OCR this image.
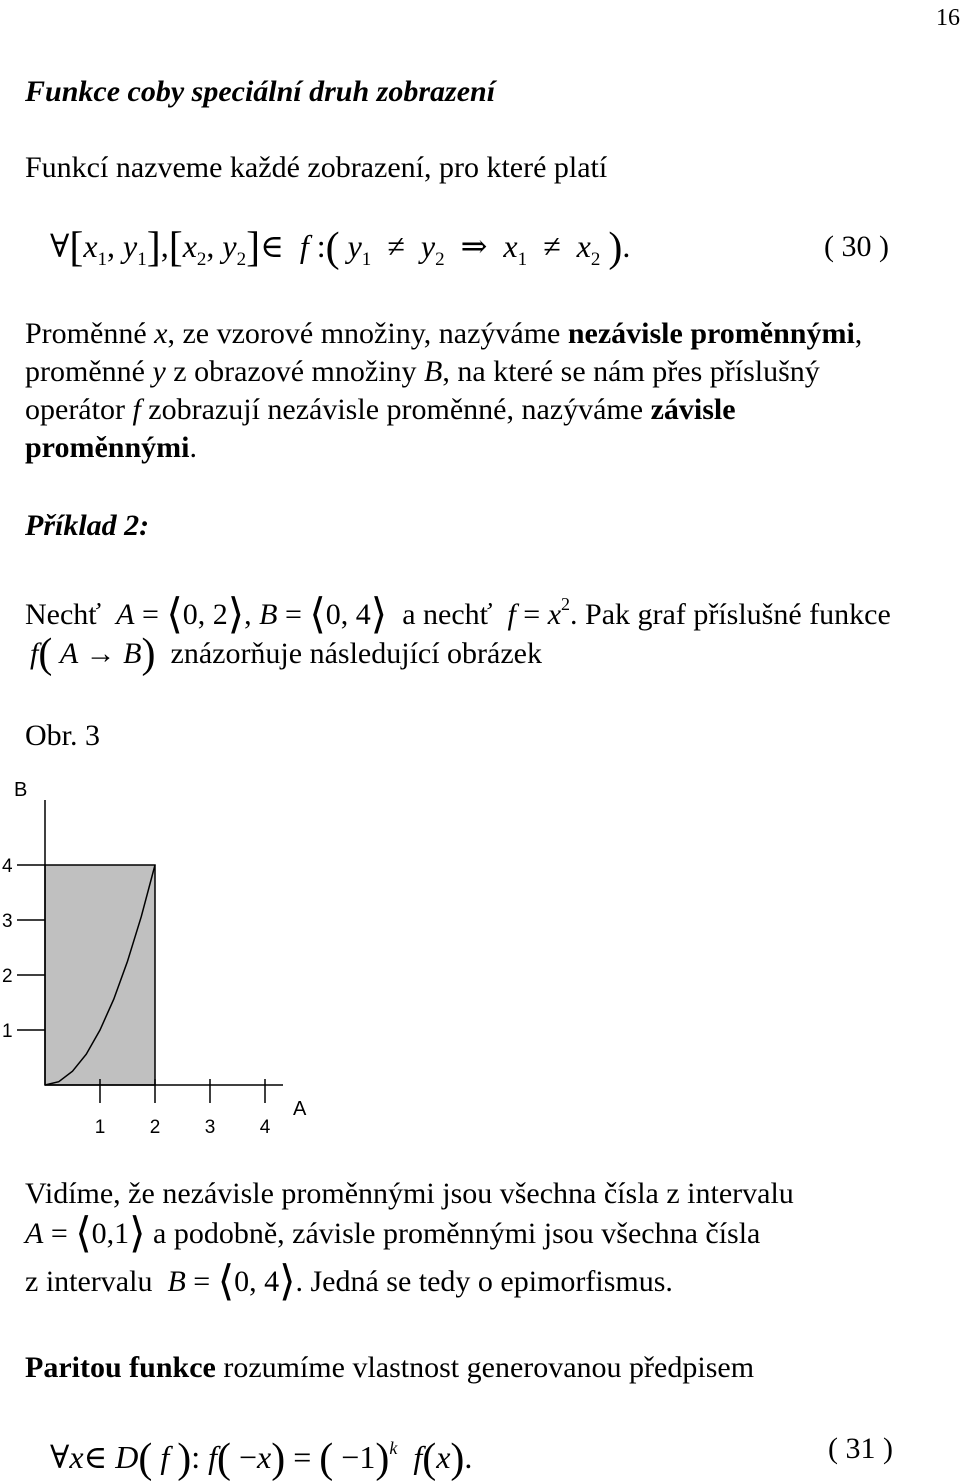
16
Funkce coby speciální druh zobrazení
Funkcí nazveme každé zobrazení, pro které platí
$\forall[x_1$, $y_1],[x_2$, $y_2]\in$ f :( $y_1 \ne y_2$ ⇒ $x_1 \ne x_2$ ).	( 30 )
Proměnné x, ze vzorové množiny, nazýváme nezávisle proměnnými,
proměnné y z obrazové množiny B, na které se nám přes příslušný
operátor f zobrazují nezávisle proměnné, nazýváme závisle
proměnnými.
Příklad 2:
Nechť A = ⟨0, 2⟩, B = ⟨0, 4⟩ a nechť $f = x^2$. Pak graf příslušné funkce
f( A → B) znázorňuje následující obrázek
Obr. 3
1
2
3
4
1 2 3 4
B
A
Vidíme, že nezávisle proměnnými jsou všechna čísla z intervalu
A = ⟨0,1⟩ a podobně, závisle proměnnými jsou všechna čísla
z intervalu B = ⟨0, 4⟩. Jedná se tedy o epimorfismus.
Paritou funkce rozumíme vlastnost generovanou předpisem
∀x∈ D( f ): f( −x) = ( −1)$^k$ f(x).	( 31 )
